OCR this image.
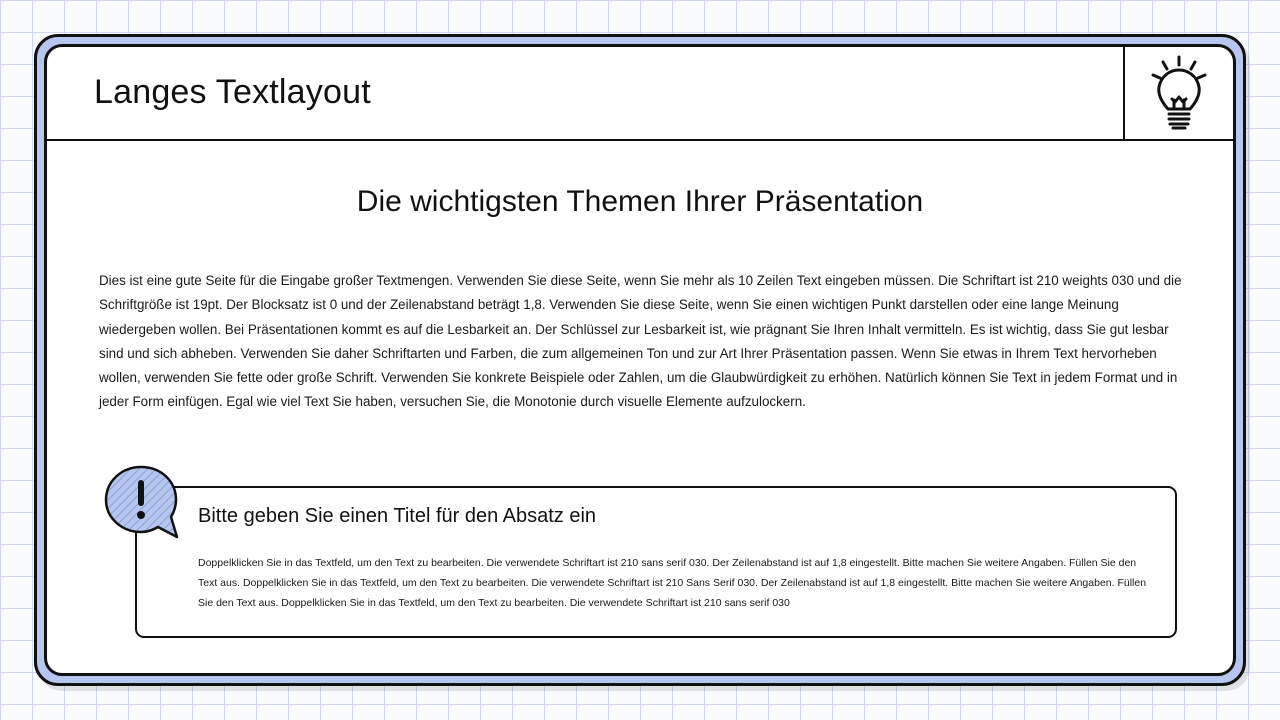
Langes Textlayout
Die wichtigsten Themen Ihrer Präsentation

Dies ist eine gute Seite für die Eingabe großer Textmengen. Verwenden Sie diese Seite, wenn Sie mehr als 10 Zeilen Text eingeben müssen. Die Schriftart ist 210 weights 030 und die Schriftgröße ist 19pt. Der Blocksatz ist 0 und der Zeilenabstand beträgt 1,8. Verwenden Sie diese Seite, wenn Sie einen wichtigen Punkt darstellen oder eine lange Meinung wiedergeben wollen. Bei Präsentationen kommt es auf die Lesbarkeit an. Der Schlüssel zur Lesbarkeit ist, wie prägnant Sie Ihren Inhalt vermitteln. Es ist wichtig, dass Sie gut lesbar sind und sich abheben. Verwenden Sie daher Schriftarten und Farben, die zum allgemeinen Ton und zur Art Ihrer Präsentation passen. Wenn Sie etwas in Ihrem Text hervorheben wollen, verwenden Sie fette oder große Schrift. Verwenden Sie konkrete Beispiele oder Zahlen, um die Glaubwürdigkeit zu erhöhen. Natürlich können Sie Text in jedem Format und in jeder Form einfügen. Egal wie viel Text Sie haben, versuchen Sie, die Monotonie durch visuelle Elemente aufzulockern.

Bitte geben Sie einen Titel für den Absatz ein

Doppelklicken Sie in das Textfeld, um den Text zu bearbeiten. Die verwendete Schriftart ist 210 sans serif 030. Der Zeilenabstand ist auf 1,8 eingestellt. Bitte machen Sie weitere Angaben. Füllen Sie den Text aus. Doppelklicken Sie in das Textfeld, um den Text zu bearbeiten. Die verwendete Schriftart ist 210 Sans Serif 030. Der Zeilenabstand ist auf 1,8 eingestellt. Bitte machen Sie weitere Angaben. Füllen Sie den Text aus. Doppelklicken Sie in das Textfeld, um den Text zu bearbeiten. Die verwendete Schriftart ist 210 sans serif 030
